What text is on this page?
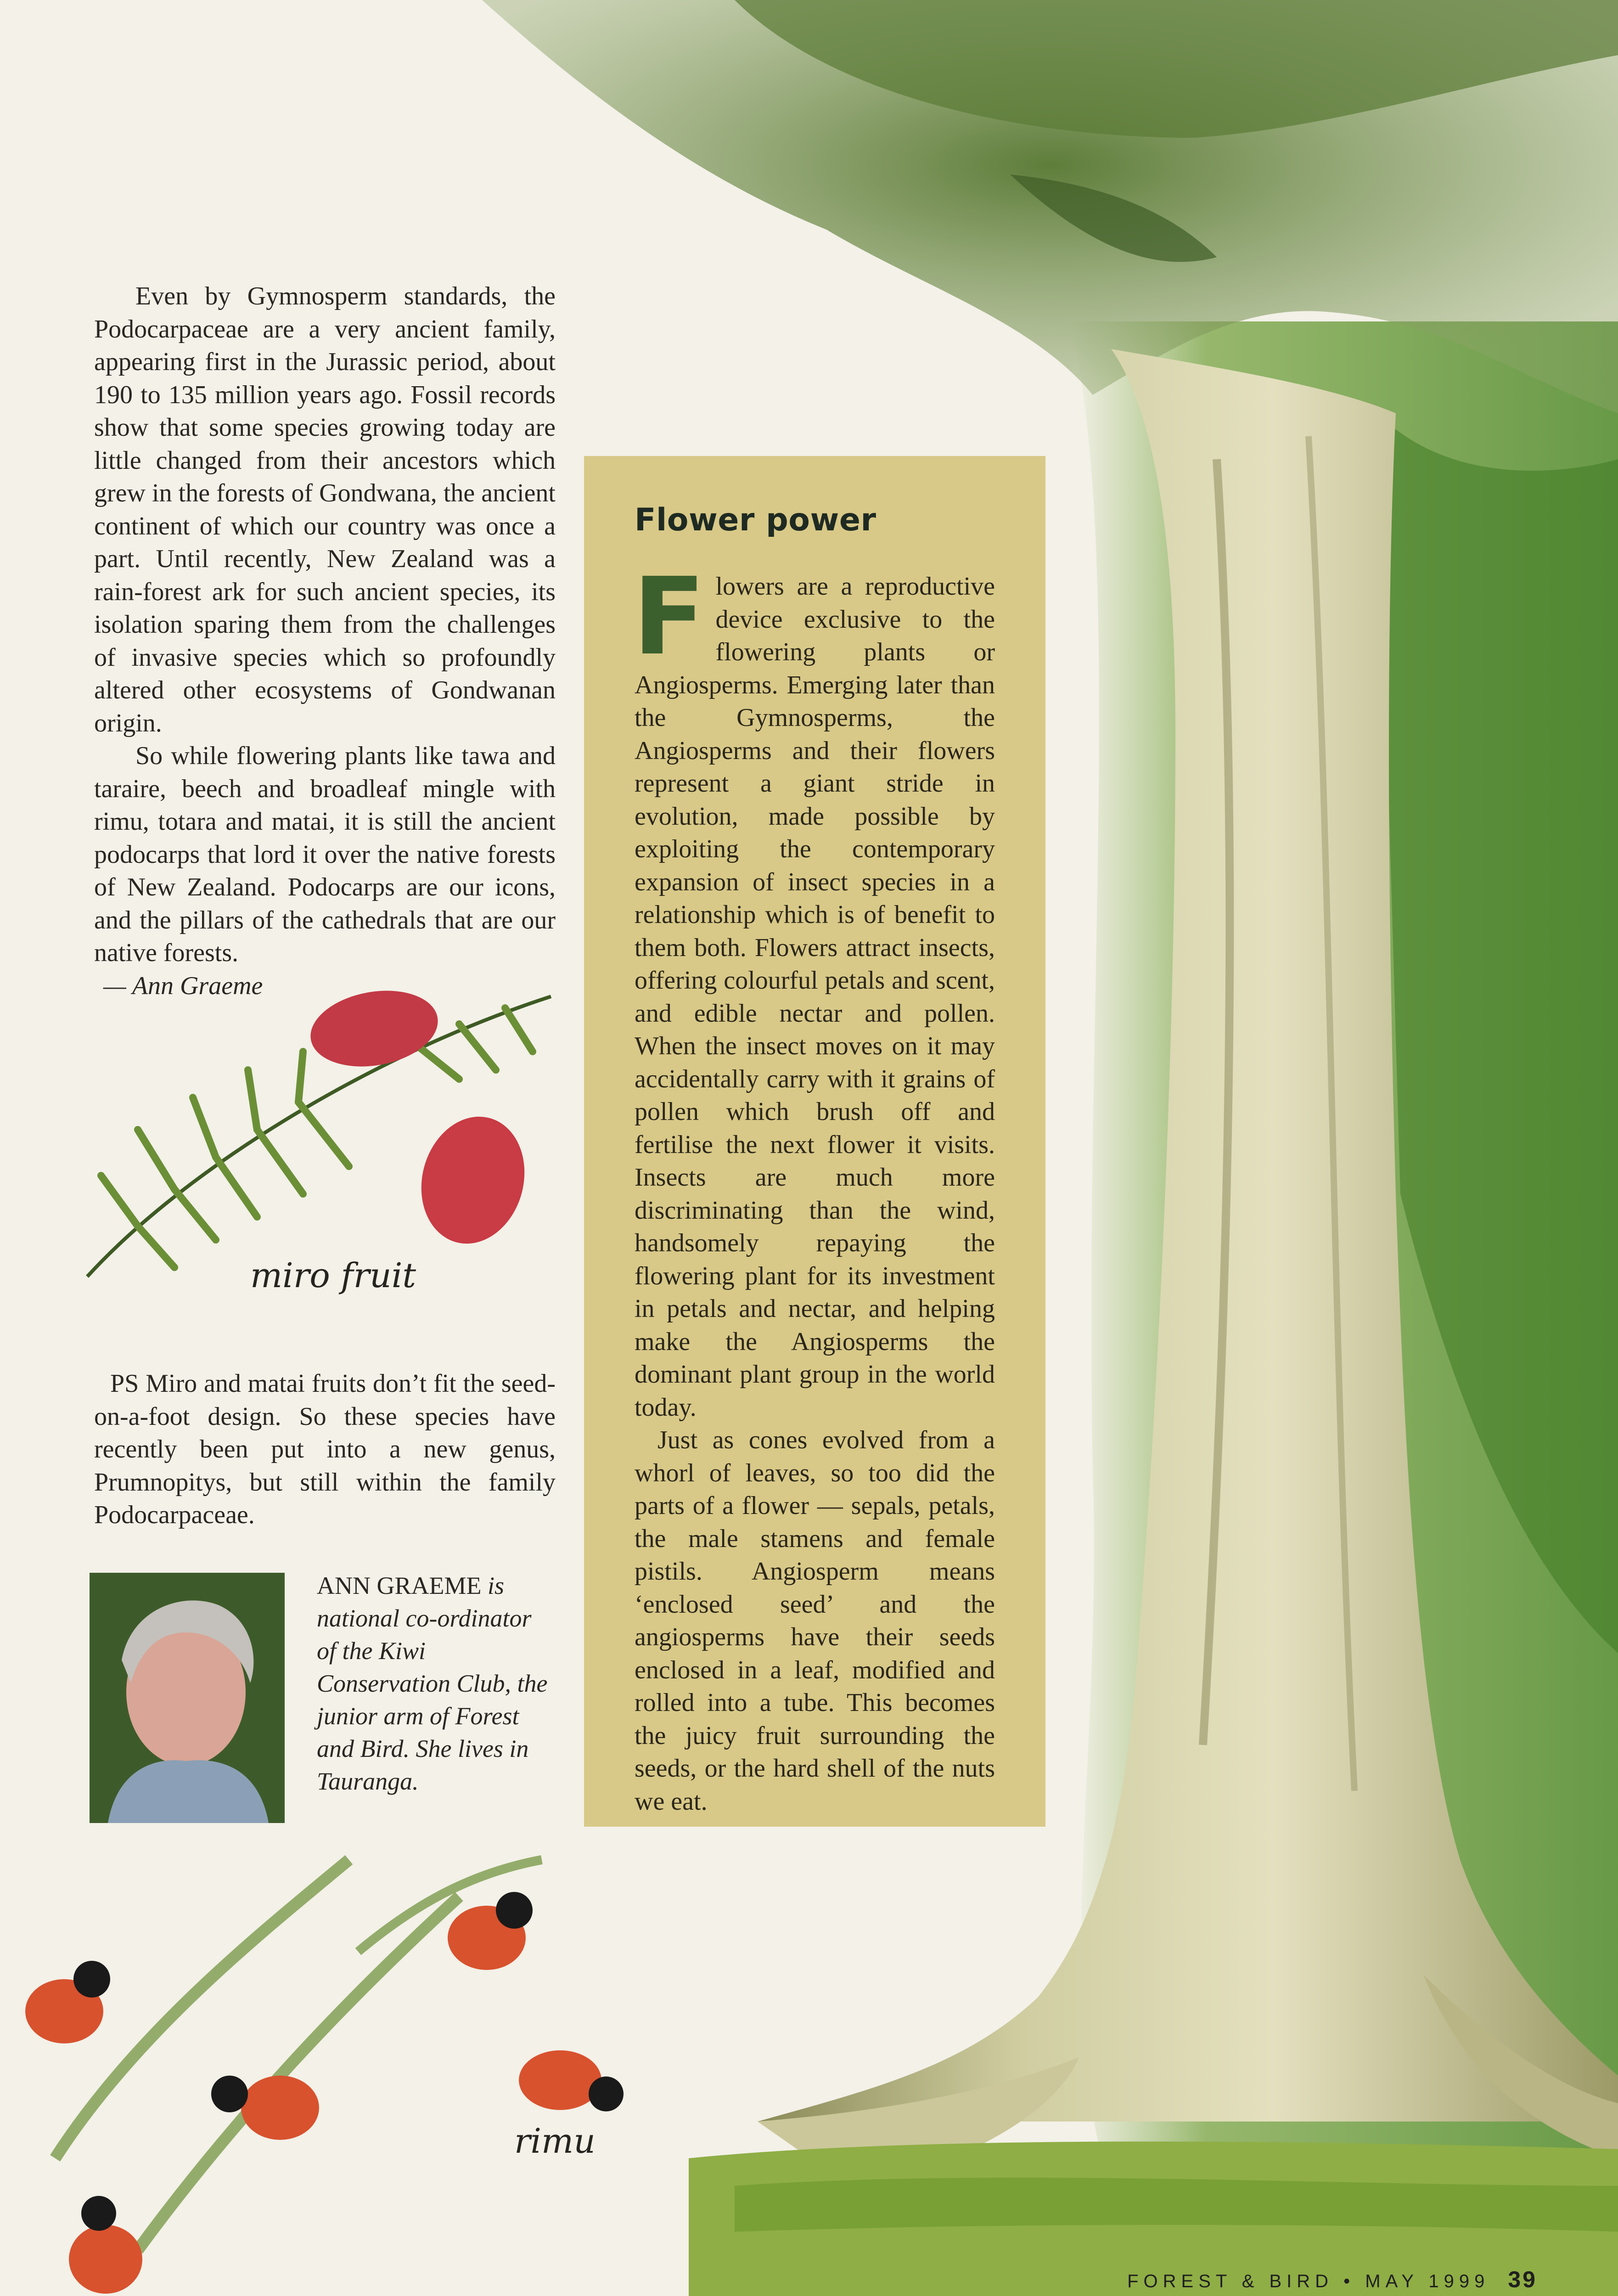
Even by Gymnosperm standards, the Podocarpaceae are a very ancient family, appearing first in the Jurassic period, about 190 to 135 million years ago. Fossil records show that some species growing today are little changed from their ancestors which grew in the forests of Gondwana, the ancient continent of which our country was once a part. Until recently, New Zealand was a rain-forest ark for such ancient species, its isolation sparing them from the challenges of invasive species which so profoundly altered other ecosystems of Gondwanan origin.

So while flowering plants like tawa and taraire, beech and broadleaf mingle with rimu, totara and matai, it is still the ancient podocarps that lord it over the native forests of New Zealand. Podocarps are our icons, and the pillars of the cathedrals that are our native forests.

— Ann Graeme

miro fruit

PS Miro and matai fruits don’t fit the seed-on-a-foot design. So these species have recently been put into a new genus, Prumnopitys, but still within the family Podocarpaceae.

ANN GRAEME is national co-ordinator of the Kiwi Conservation Club, the junior arm of Forest and Bird. She lives in Tauranga.
rimu
Flower power

Flowers are a reproductive device exclusive to the flowering plants or Angiosperms. Emerging later than the Gymnosperms, the Angiosperms and their flowers represent a giant stride in evolution, made possible by exploiting the contemporary expansion of insect species in a relationship which is of benefit to them both. Flowers attract insects, offering colourful petals and scent, and edible nectar and pollen. When the insect moves on it may accidentally carry with it grains of pollen which brush off and fertilise the next flower it visits. Insects are much more discriminating than the wind, handsomely repaying the flowering plant for its investment in petals and nectar, and helping make the Angiosperms the dominant plant group in the world today.

Just as cones evolved from a whorl of leaves, so too did the parts of a flower — sepals, petals, the male stamens and female pistils. Angiosperm means ‘enclosed seed’ and the angiosperms have their seeds enclosed in a leaf, modified and rolled into a tube. This becomes the juicy fruit surrounding the seeds, or the hard shell of the nuts we eat.

FOREST & BIRD • MAY 1999 39
